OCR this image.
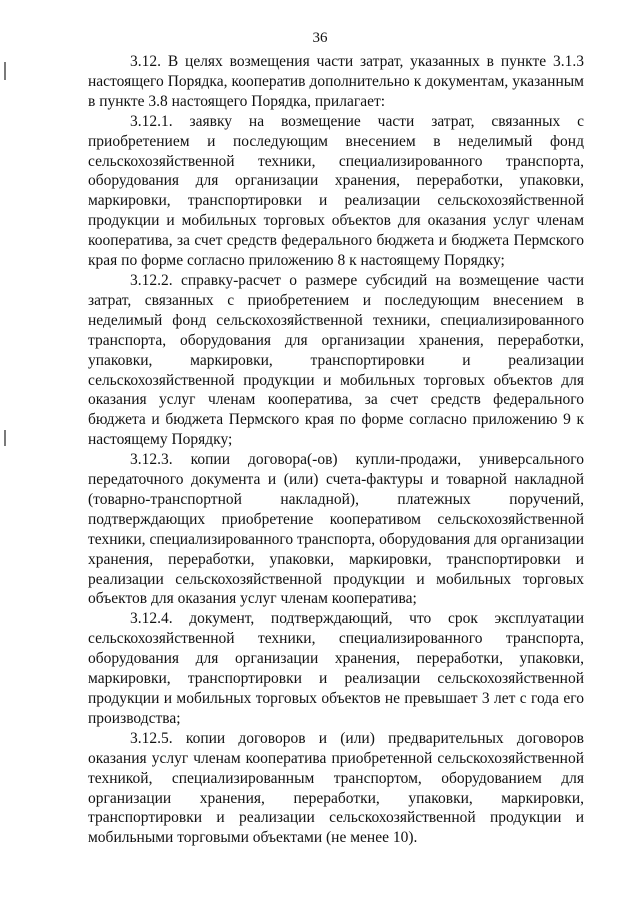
36

3.12. В целях возмещения части затрат, указанных в пункте 3.1.3 настоящего Порядка, кооператив дополнительно к документам, указанным в пункте 3.8 настоящего Порядка, прилагает:

3.12.1. заявку на возмещение части затрат, связанных с приобретением и последующим внесением в неделимый фонд сельскохозяйственной техники, специализированного транспорта, оборудования для организации хранения, переработки, упаковки, маркировки, транспортировки и реализации сельскохозяйственной продукции и мобильных торговых объектов для оказания услуг членам кооператива, за счет средств федерального бюджета и бюджета Пермского края по форме согласно приложению 8 к настоящему Порядку;

3.12.2. справку-расчет о размере субсидий на возмещение части затрат, связанных с приобретением и последующим внесением в неделимый фонд сельскохозяйственной техники, специализированного транспорта, оборудования для организации хранения, переработки, упаковки, маркировки, транспортировки и реализации сельскохозяйственной продукции и мобильных торговых объектов для оказания услуг членам кооператива, за счет средств федерального бюджета и бюджета Пермского края по форме согласно приложению 9 к настоящему Порядку;

3.12.3. копии договора(-ов) купли-продажи, универсального передаточного документа и (или) счета-фактуры и товарной накладной (товарно-транспортной накладной), платежных поручений, подтверждающих приобретение кооперативом сельскохозяйственной техники, специализированного транспорта, оборудования для организации хранения, переработки, упаковки, маркировки, транспортировки и реализации сельскохозяйственной продукции и мобильных торговых объектов для оказания услуг членам кооператива;

3.12.4. документ, подтверждающий, что срок эксплуатации сельскохозяйственной техники, специализированного транспорта, оборудования для организации хранения, переработки, упаковки, маркировки, транспортировки и реализации сельскохозяйственной продукции и мобильных торговых объектов не превышает 3 лет с года его производства;

3.12.5. копии договоров и (или) предварительных договоров оказания услуг членам кооператива приобретенной сельскохозяйственной техникой, специализированным транспортом, оборудованием для организации хранения, переработки, упаковки, маркировки, транспортировки и реализации сельскохозяйственной продукции и мобильными торговыми объектами (не менее 10).
